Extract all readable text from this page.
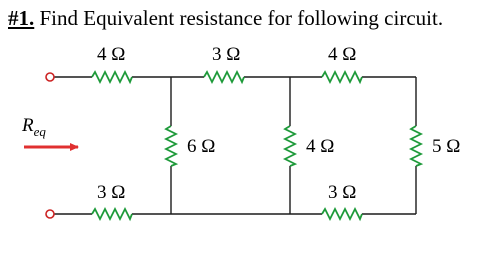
#1. Find Equivalent resistance for following circuit.
$R_{eq}$
4 Ω	3 Ω	4 Ω
6 Ω	4 Ω	5 Ω
3 Ω	3 Ω
